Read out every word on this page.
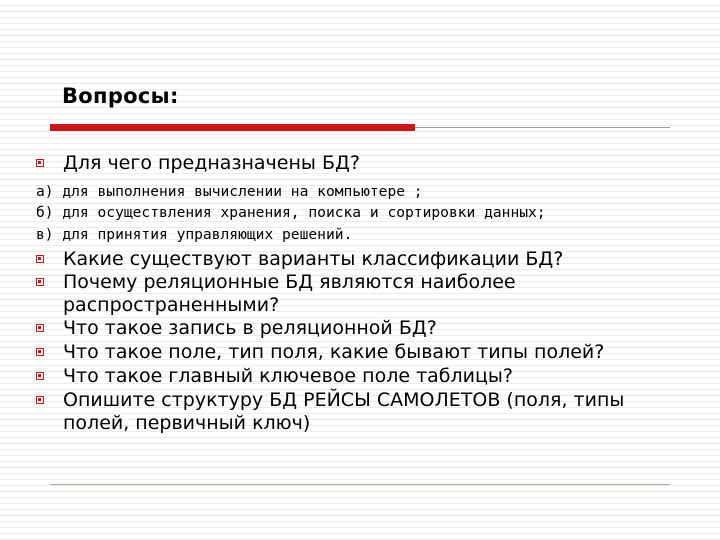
Вопросы:
Для чего предназначены БД?
а) для выполнения вычислении на компьютере ;
б) для осуществления хранения, поиска и сортировки данных;
в) для принятия управляющих решений.
Какие существуют варианты классификации БД?
Почему реляционные БД являются наиболее
распространенными?
Что такое запись в реляционной БД?
Что такое поле, тип поля, какие бывают типы полей?
Что такое главный ключевое поле таблицы?
Опишите структуру БД РЕЙСЫ САМОЛЕТОВ (поля, типы
полей, первичный ключ)
